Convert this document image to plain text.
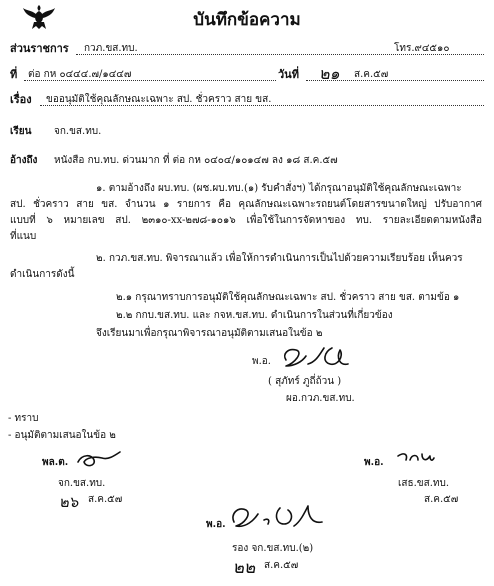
บันทึกข้อความ
ส่วนราชการ กวภ.ขส.ทบ.	โทร.๙๔๕๑๐
ที่ ต่อ กห ๐๔๔๔.๗/๑๔๔๗	วันที่ ๒๑ ส.ค.๕๗
เรื่อง ขออนุมัติใช้คุณลักษณะเฉพาะ สป. ชั่วคราว สาย ขส.
เรียน จก.ขส.ทบ.
อ้างถึง หนังสือ กบ.ทบ. ด่วนมาก ที่ ต่อ กห ๐๔๐๔/๑๐๑๔๗ ลง ๑๘ ส.ค.๕๗
๑. ตามอ้างถึง ผบ.ทบ. (ผช.ผบ.ทบ.(๑) รับคำสั่งฯ) ได้กรุณาอนุมัติใช้คุณลักษณะเฉพาะ
สป. ชั่วคราว สาย ขส. จำนวน ๑ รายการ คือ คุณลักษณะเฉพาะรถยนต์โดยสารขนาดใหญ่ ปรับอากาศ
แบบที่ ๖ หมายเลข สป. ๒๓๑๐-xx-๒๗๘-๑๐๑๖ เพื่อใช้ในการจัดหาของ ทบ. รายละเอียดตามหนังสือ
ที่แนบ
๒. กวภ.ขส.ทบ. พิจารณาแล้ว เพื่อให้การดำเนินการเป็นไปด้วยความเรียบร้อย เห็นควร
ดำเนินการดังนี้
๒.๑ กรุณาทราบการอนุมัติใช้คุณลักษณะเฉพาะ สป. ชั่วคราว สาย ขส. ตามข้อ ๑
๒.๒ กกบ.ขส.ทบ. และ กจห.ขส.ทบ. ดำเนินการในส่วนที่เกี่ยวข้อง
จึงเรียนมาเพื่อกรุณาพิจารณาอนุมัติตามเสนอในข้อ ๒
พ.อ.
( สุภัทร์ ภูถี่ถ้วน )
ผอ.กวภ.ขส.ทบ.
- ทราบ
- อนุมัติตามเสนอในข้อ ๒
พล.ต.
จก.ขส.ทบ.
๒๖ ส.ค.๕๗
พ.อ.
เสธ.ขส.ทบ.
ส.ค.๕๗
พ.อ.
รอง จก.ขส.ทบ.(๒)
๒๒ ส.ค.๕๗
